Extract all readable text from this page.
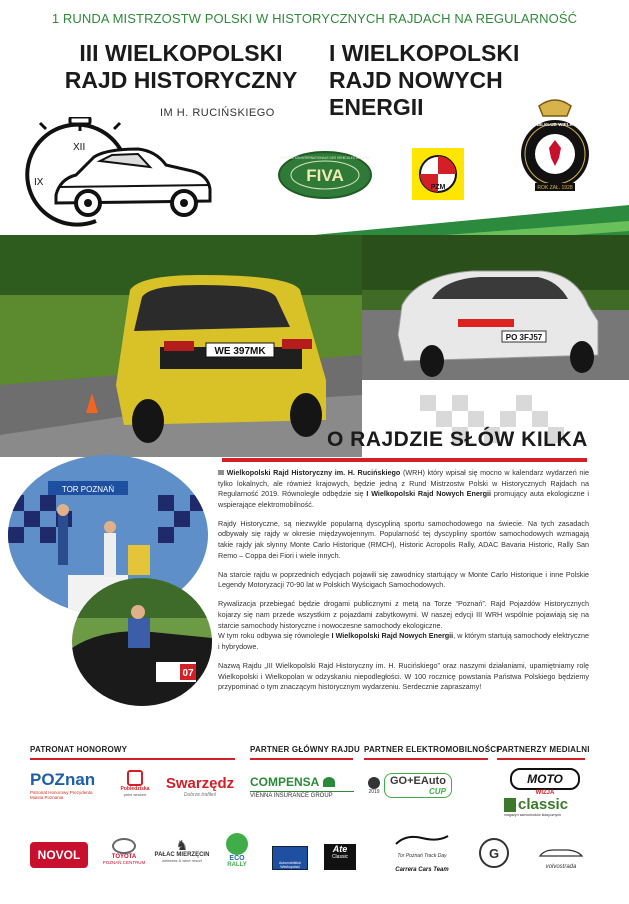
1 RUNDA MISTRZOSTW POLSKI W HISTORYCZNYCH RAJDACH NA REGULARNOŚĆ
III WIELKOPOLSKI
RAJD HISTORYCZNY
IM H. RUCIŃSKIEGO
I WIELKOPOLSKI
RAJD NOWYCH
ENERGII
XII
IX	FIVA
FEDERATION INTERNATIONALE DES VEHICULES ANCIENS
PZM
AUTOMOBILKLUB WIELKOPOLSKI
ROK ZAŁ. 1928
WE 397MK
PO 3FJ57
O RAJDZIE SŁÓW KILKA
TOR POZNAŃ
07

III Wielkopolski Rajd Historyczny im. H. Rucińskiego (WRH) który wpisał się mocno w kalendarz wydarzeń nie tylko lokalnych, ale również krajowych, będzie jedną z Rund Mistrzostw Polski w Historycznych Rajdach na Regularność 2019. Równolegle odbędzie się I Wielkopolski Rajd Nowych Energii promujący auta ekologiczne i wspierające elektromobilność.

Rajdy Historyczne, są niezwykle popularną dyscypliną sportu samochodowego na świecie. Na tych zasadach odbywały się rajdy w okresie międzywojennym. Popularność tej dyscypliny sportów samochodowych wzmagają takie rajdy jak słynny Monte Carlo Historique (RMCH), Historic Acropolis Rally, ADAC Bavaria Historic, Rally San Remo – Coppa dei Fiori i wiele innych.

Na starcie rajdu w poprzednich edycjach pojawili się zawodnicy startujący w Monte Carlo Historique i inne Polskie Legendy Motoryzacji 70-90 lat w Polskich Wyścigach Samochodowych.

Rywalizacja przebiegać będzie drogami publicznymi z metą na Torze “Poznań”. Rajd Pojazdów Historycznych kojarzy się nam przede wszystkim z pojazdami zabytkowymi. W naszej edycji III WRH wspólnie pojawiają się na starcie samochody historyczne i nowoczesne samochody ekologiczne.
W tym roku odbywa się równolegle I Wielkopolski Rajd Nowych Energii, w którym startują samochody elektryczne i hybrydowe.

Nazwą Rajdu „III Wielkopolski Rajd Historyczny im. H. Rucińskiego” oraz naszymi działaniami, upamiętniamy rolę Wielkopolski i Wielkopolan w odzyskaniu niepodległości. W 100 rocznicę powstania Państwa Polskiego będziemy przypominać o tym znaczącym historycznym wydarzeniu. Serdecznie zapraszamy!

PATRONAT HONOROWY	PARTNER GŁÓWNY RAJDU PARTNER ELEKTROMOBILNOŚCI
PARTNERZY MEDIALNI
POZnan
Patronat Honorowy Prezydenta Miasta Poznania
Pobiedziska
pełni wrażeń
Swarzędz
Dobrze trafiłeś
COMPENSA
VIENNA INSURANCE GROUP
2019
GO+EAuto
CUP
MOTO
WIZJA
classic
magazyn samochodów klasycznych
NOVOL	TOYOTA
POZNAŃ CENTRUM
♞
PAŁAC MIERZĘCIN
wellness & wine resort	ECO
RALLY	Automobilklub Wielkopolski
Ate
Classic	Tor Poznań Track Day
Carrera Cars Team
G
volvostrada
